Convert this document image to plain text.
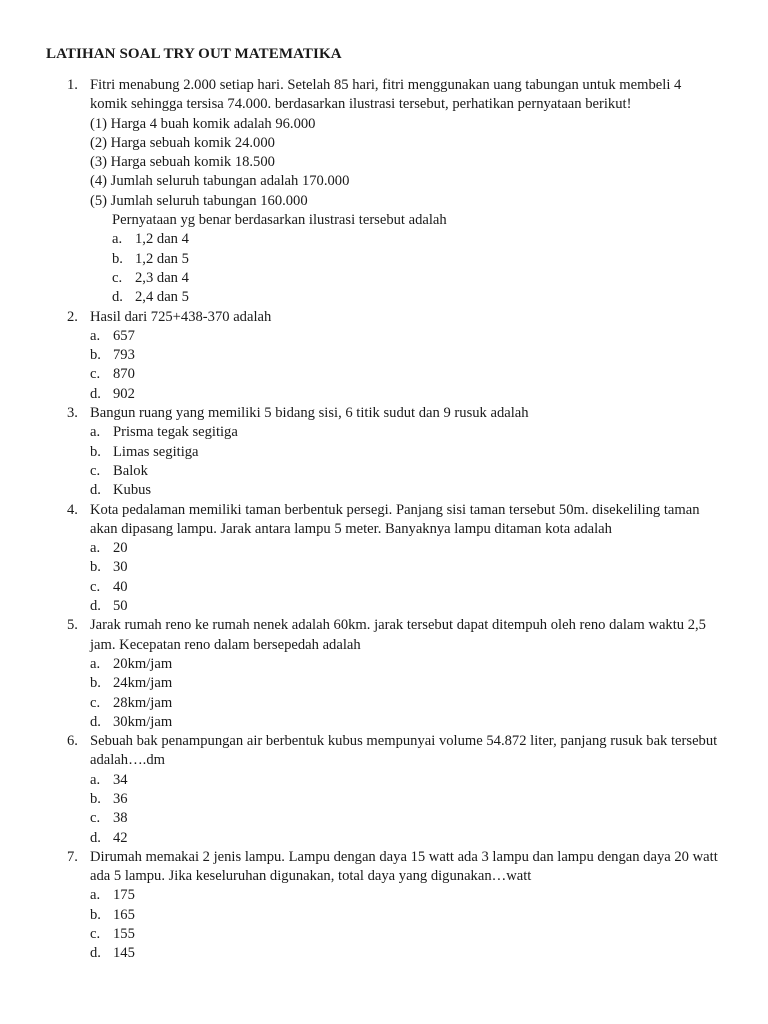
LATIHAN SOAL TRY OUT MATEMATIKA
1. Fitri menabung 2.000 setiap hari. Setelah 85 hari, fitri menggunakan uang tabungan untuk membeli 4 komik sehingga tersisa 74.000. berdasarkan ilustrasi tersebut, perhatikan pernyataan berikut!
(1) Harga 4 buah komik adalah 96.000
(2) Harga sebuah komik 24.000
(3) Harga sebuah komik 18.500
(4) Jumlah seluruh tabungan adalah 170.000
(5) Jumlah seluruh tabungan 160.000
Pernyataan yg benar berdasarkan ilustrasi tersebut adalah
a. 1,2 dan 4
b. 1,2 dan 5
c. 2,3 dan 4
d. 2,4 dan 5
2. Hasil dari 725+438-370 adalah
a. 657
b. 793
c. 870
d. 902
3. Bangun ruang yang memiliki 5 bidang sisi, 6 titik sudut dan 9 rusuk adalah
a. Prisma tegak segitiga
b. Limas segitiga
c. Balok
d. Kubus
4. Kota pedalaman memiliki taman berbentuk persegi. Panjang sisi taman tersebut 50m. disekeliling taman akan dipasang lampu. Jarak antara lampu 5 meter. Banyaknya lampu ditaman kota adalah
a. 20
b. 30
c. 40
d. 50
5. Jarak rumah reno ke rumah nenek adalah 60km. jarak tersebut dapat ditempuh oleh reno dalam waktu 2,5 jam. Kecepatan reno dalam bersepedah adalah
a. 20km/jam
b. 24km/jam
c. 28km/jam
d. 30km/jam
6. Sebuah bak penampungan air berbentuk kubus mempunyai volume 54.872 liter, panjang rusuk bak tersebut adalah….dm
a. 34
b. 36
c. 38
d. 42
7. Dirumah memakai 2 jenis lampu. Lampu dengan daya 15 watt ada 3 lampu dan lampu dengan daya 20 watt ada 5 lampu. Jika keseluruhan digunakan, total daya yang digunakan…watt
a. 175
b. 165
c. 155
d. 145
